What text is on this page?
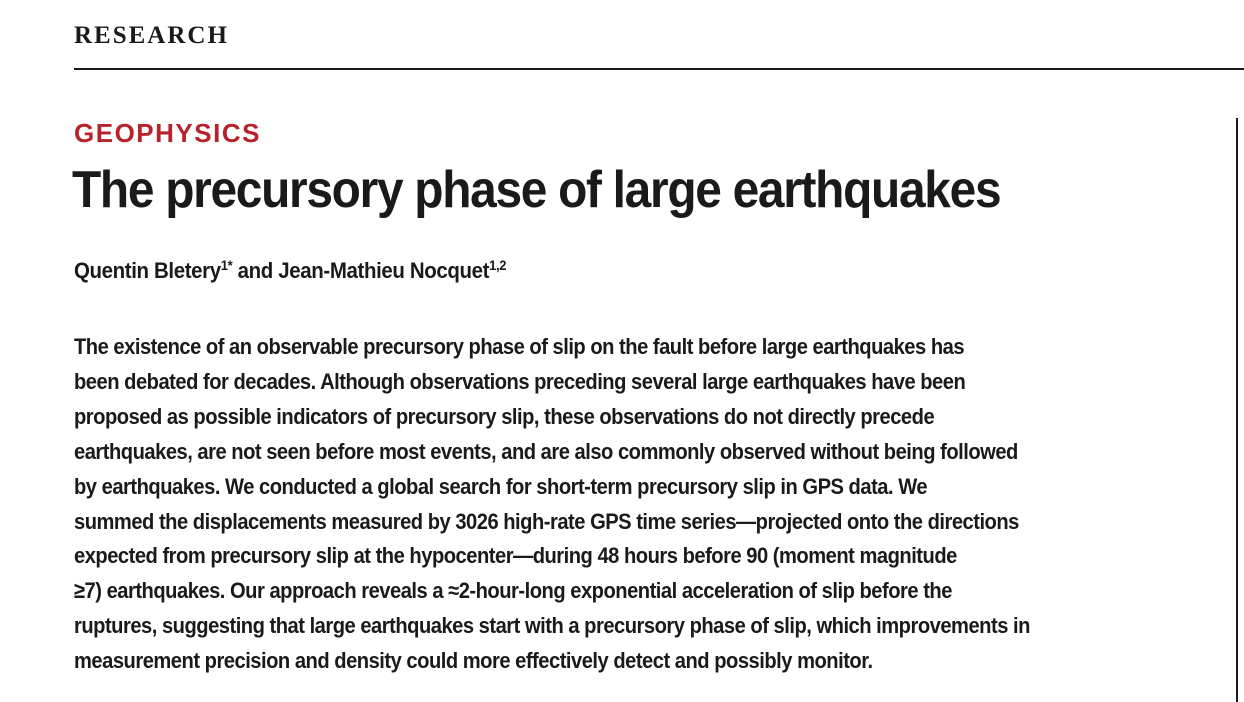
RESEARCH
GEOPHYSICS
The precursory phase of large earthquakes
Quentin Bletery$^{1*}$ and Jean-Mathieu Nocquet$^{1,2}$
The existence of an observable precursory phase of slip on the fault before large earthquakes has
been debated for decades. Although observations preceding several large earthquakes have been
proposed as possible indicators of precursory slip, these observations do not directly precede
earthquakes, are not seen before most events, and are also commonly observed without being followed
by earthquakes. We conducted a global search for short-term precursory slip in GPS data. We
summed the displacements measured by 3026 high-rate GPS time series—projected onto the directions
expected from precursory slip at the hypocenter—during 48 hours before 90 (moment magnitude
≥7) earthquakes. Our approach reveals a ≈2-hour-long exponential acceleration of slip before the
ruptures, suggesting that large earthquakes start with a precursory phase of slip, which improvements in
measurement precision and density could more effectively detect and possibly monitor.
